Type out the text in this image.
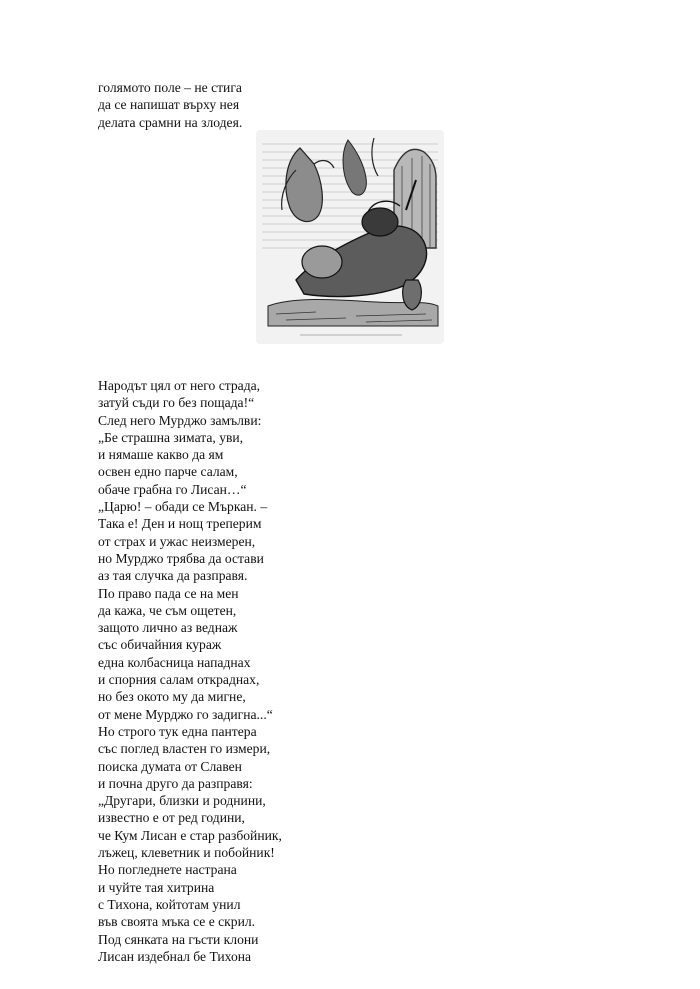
голямото поле – не стига
да се напишат върху нея
делата срамни на злодея.
Народът цял от него страда,
затуй съди го без пощада!“
След него Мурджо замълви:
„Бе страшна зимата, уви,
и нямаше какво да ям
освен едно парче салам,
обаче грабна го Лисан…“
„Царю! – обади се Мъркан. –
Така е! Ден и нощ треперим
от страх и ужас неизмерен,
но Мурджо трябва да остави
аз тая случка да разправя.
По право пада се на мен
да кажа, че съм ощетен,
защото лично аз веднаж
със обичайния кураж
една колбасница нападнах
и спорния салам откраднах,
но без окото му да мигне,
от мене Мурджо го задигна...“
Но строго тук една пантера
със поглед властен го измери,
поиска думата от Славен
и почна друго да разправя:
„Другари, близки и роднини,
известно е от ред години,
че Кум Лисан е стар разбойник,
лъжец, клеветник и побойник!
Но погледнете настрана
и чуйте тая хитрина
с Тихона, койтотам унил
във своята мъка се е скрил.
Под сянката на гъсти клони
Лисан издебнал бе Тихона
